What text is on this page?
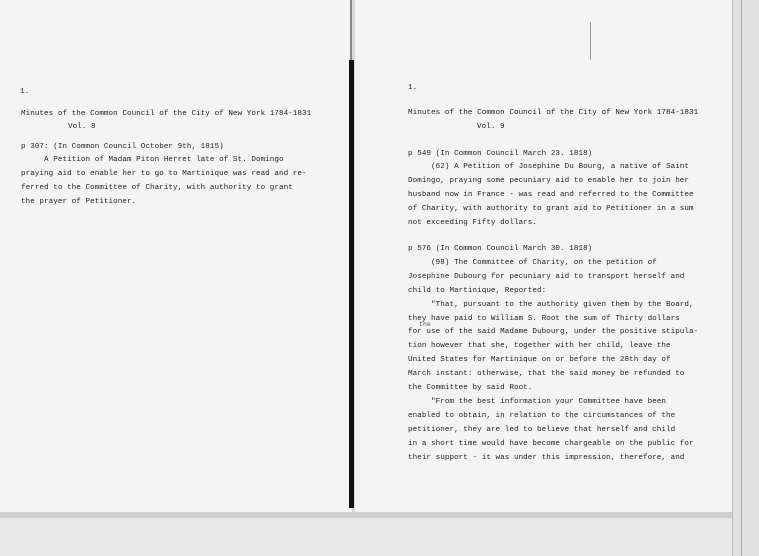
1.
Minutes of the Common Council of the City of New York 1784-1831
Vol. 8
p 307: (In Common Council October 9th, 1815)
A Petition of Madam Piton Herret late of St. Domingo
praying aid to enable her to go to Martinique was read and re-
ferred to the Committee of Charity, with authority to grant
the prayer of Petitioner.
1.
Minutes of the Common Council of the City of New York 1784-1831
Vol. 9
p 549 (In Common Council March 23. 1818)
(62) A Petition of Josephine Du Bourg, a native of Saint
Domingo, praying some pecuniary aid to enable her to join her
husband now in France - was read and referred to the Committee
of Charity, with authority to grant aid to Petitioner in a sum
not exceeding Fifty dollars.
p 576 (In Common Council March 30. 1818)
(98) The Committee of Charity, on the petition of
Josephine Dubourg for pecuniary aid to transport herself and
child to Martinique, Reported:
"That, pursuant to the authority given them by the Board,
they have paid to William S. Root the sum of Thirty dollars
the
for use of the said Madame Dubourg, under the positive stipula-
tion however that she, together with her child, leave the
United States for Martinique on or before the 28th day of
March instant: otherwise, that the said money be refunded to
the Committee by said Root.
"From the best information your Committee have been
enabled to obtain, in relation to the circumstances of the
petitioner, they are led to believe that herself and child
in a short time would have become chargeable on the public for
their support - it was under this impression, therefore, and
